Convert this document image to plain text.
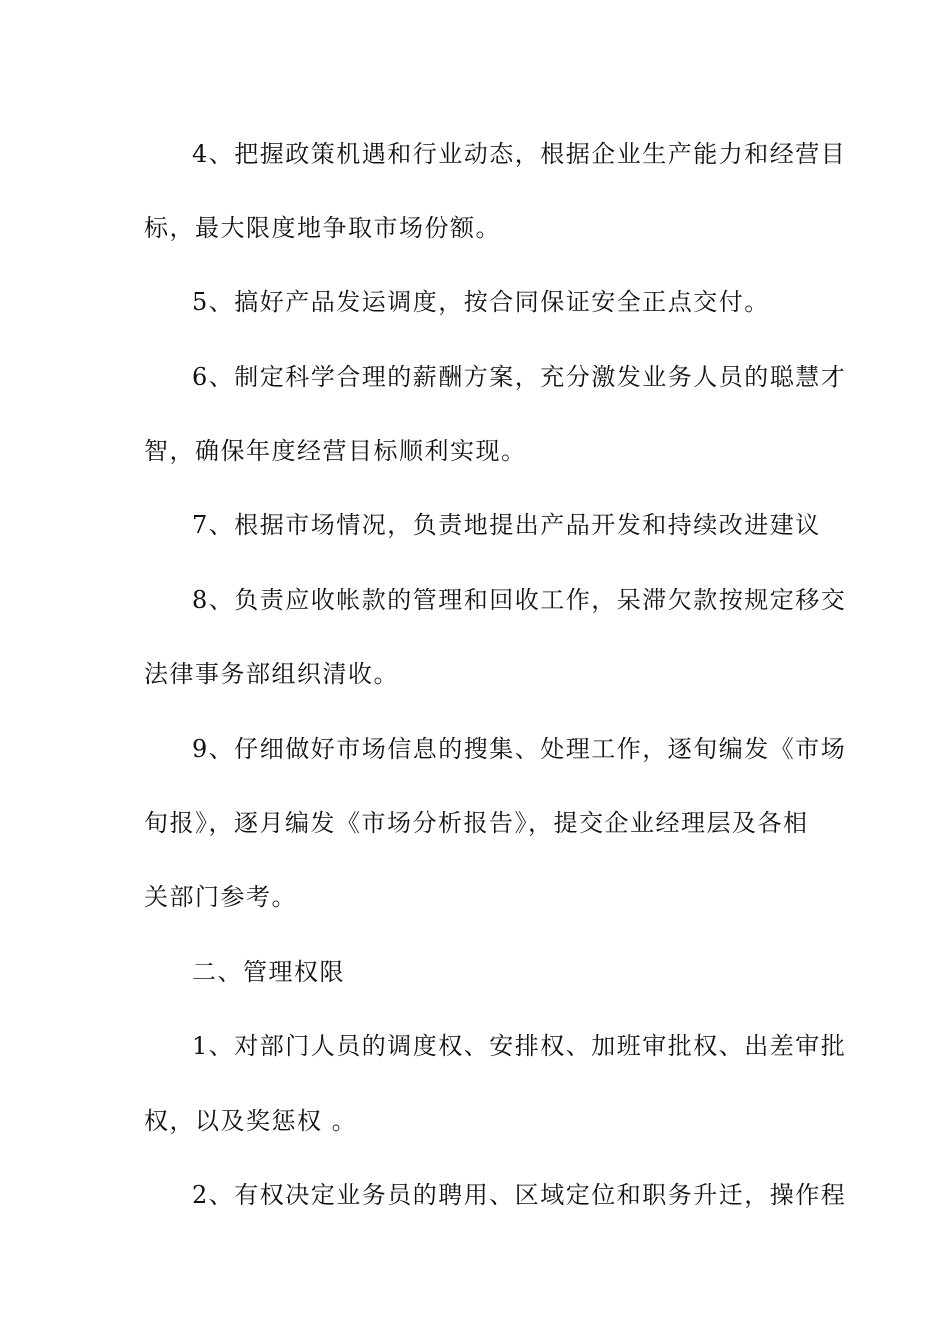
4、把握政策机遇和行业动态，根据企业生产能力和经营目
标，最大限度地争取市场份额。
5、搞好产品发运调度，按合同保证安全正点交付。
6、制定科学合理的薪酬方案，充分激发业务人员的聪慧才
智，确保年度经营目标顺利实现。
7、根据市场情况，负责地提出产品开发和持续改进建议
8、负责应收帐款的管理和回收工作，呆滞欠款按规定移交
法律事务部组织清收。
9、仔细做好市场信息的搜集、处理工作，逐旬编发《市场
旬报》，逐月编发《市场分析报告》，提交企业经理层及各相
关部门参考。
二、管理权限
1、对部门人员的调度权、安排权、加班审批权、出差审批
权，以及奖惩权 。
2、有权决定业务员的聘用、区域定位和职务升迁，操作程
